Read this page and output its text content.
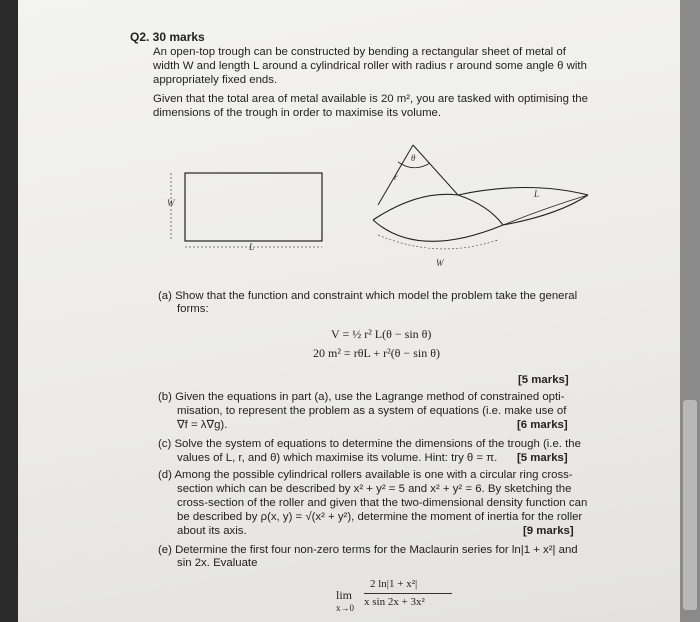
Q2. 30 marks
An open-top trough can be constructed by bending a rectangular sheet of metal of
width W and length L around a cylindrical roller with radius r around some angle θ with
appropriately fixed ends.
Given that the total area of metal available is 20 m², you are tasked with optimising the
dimensions of the trough in order to maximise its volume.
W
L
θ
r
L
W
(a) Show that the function and constraint which model the problem take the general
forms:
V = ½ r² L(θ − sin θ)
20 m² = rθL + r²(θ − sin θ)
[5 marks]
(b) Given the equations in part (a), use the Lagrange method of constrained opti-
misation, to represent the problem as a system of equations (i.e. make use of
∇f = λ∇g).	[6 marks]
(c) Solve the system of equations to determine the dimensions of the trough (i.e. the
values of L, r, and θ) which maximise its volume. Hint: try θ = π. [5 marks]
(d) Among the possible cylindrical rollers available is one with a circular ring cross-
section which can be described by x² + y² = 5 and x² + y² = 6. By sketching the
cross-section of the roller and given that the two-dimensional density function can
be described by ρ(x, y) = √(x² + y²), determine the moment of inertia for the roller
about its axis.	[9 marks]
(e) Determine the first four non-zero terms for the Maclaurin series for ln|1 + x²| and
sin 2x. Evaluate
lim
x→0
2 ln|1 + x²|
x sin 2x + 3x²
